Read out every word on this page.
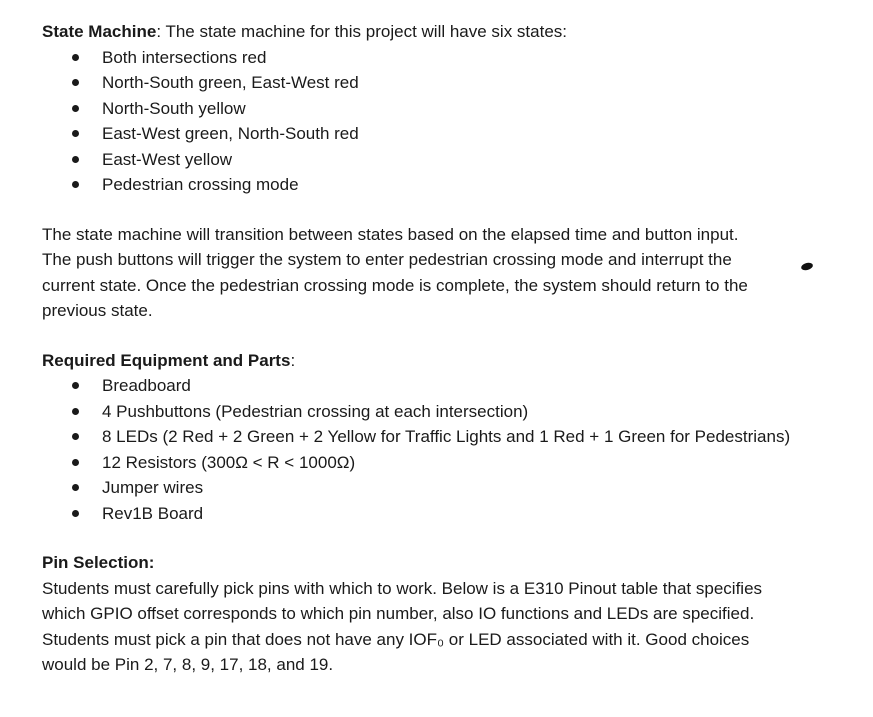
State Machine: The state machine for this project will have six states:

Both intersections red
North-South green, East-West red
North-South yellow
East-West green, North-South red
East-West yellow
Pedestrian crossing mode
The state machine will transition between states based on the elapsed time and button input.
The push buttons will trigger the system to enter pedestrian crossing mode and interrupt the
current state. Once the pedestrian crossing mode is complete, the system should return to the
previous state.

Required Equipment and Parts:

Breadboard
4 Pushbuttons (Pedestrian crossing at each intersection)
8 LEDs (2 Red + 2 Green + 2 Yellow for Traffic Lights and 1 Red + 1 Green for Pedestrians)
12 Resistors (300Ω < R < 1000Ω)
Jumper wires
Rev1B Board

Pin Selection:

Students must carefully pick pins with which to work. Below is a E310 Pinout table that specifies
which GPIO offset corresponds to which pin number, also IO functions and LEDs are specified.
Students must pick a pin that does not have any IOF₀ or LED associated with it. Good choices
would be Pin 2, 7, 8, 9, 17, 18, and 19.
